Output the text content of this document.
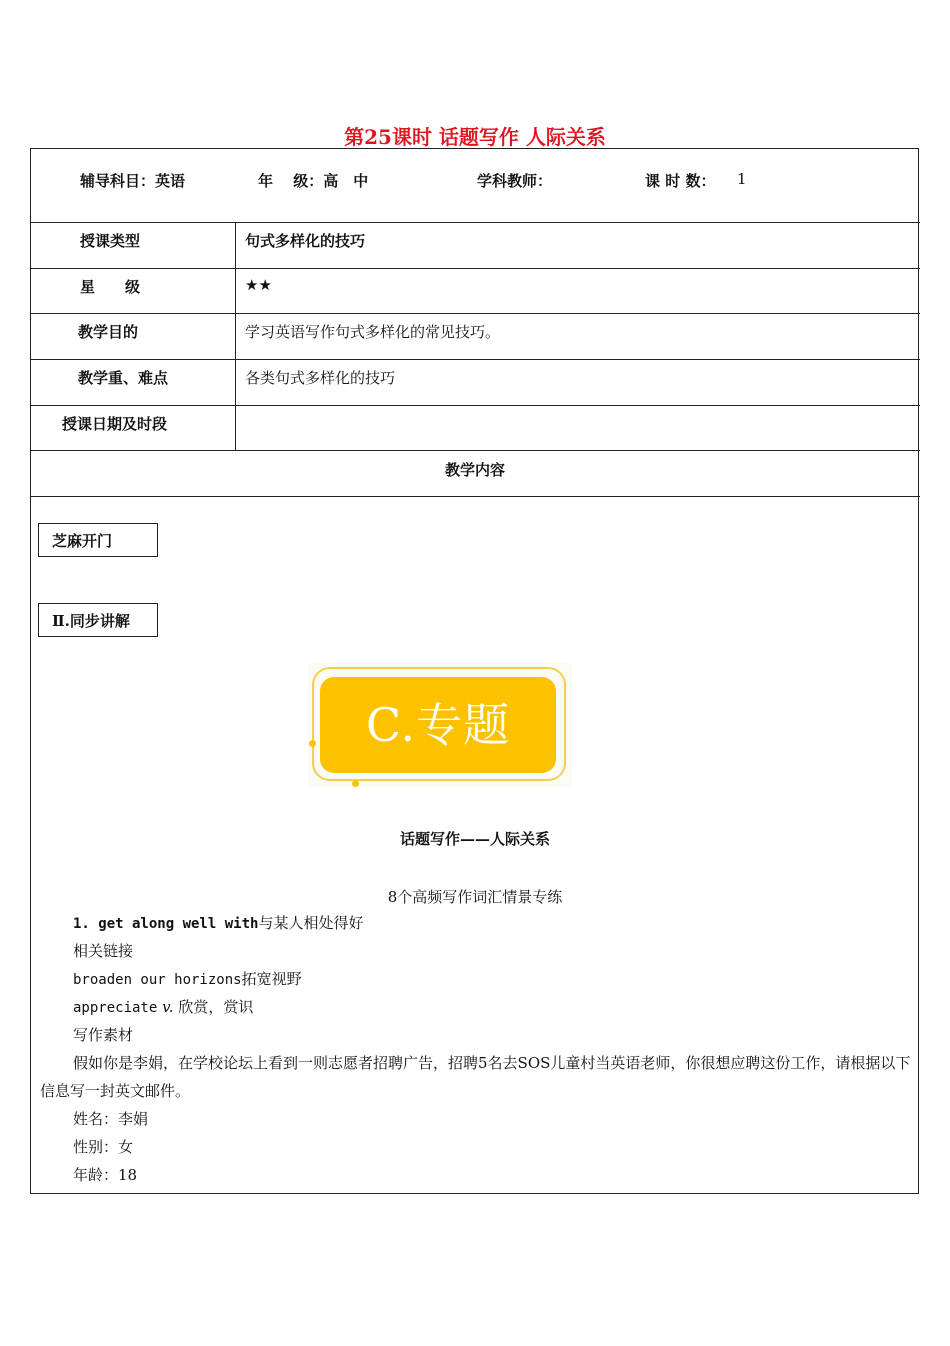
第25课时 话题写作 人际关系
辅导科目：英语	年　 级：高　中	学科教师：	课 时 数： 1
授课类型	句式多样化的技巧
星　　级	★★
教学目的	学习英语写作句式多样化的常见技巧。
教学重、难点	各类句式多样化的技巧
授课日期及时段
教学内容
芝麻开门
Ⅱ.同步讲解
C.专题
话题写作——人际关系
8个高频写作词汇情景专练
1. get along well with与某人相处得好
相关链接
broaden our horizons拓宽视野
appreciate v. 欣赏，赏识
写作素材
假如你是李娟，在学校论坛上看到一则志愿者招聘广告，招聘5名去SOS儿童村当英语老师，你很想应聘这份工作，请根据以下信息写一封英文邮件。
姓名：李娟
性别：女
年龄：18
